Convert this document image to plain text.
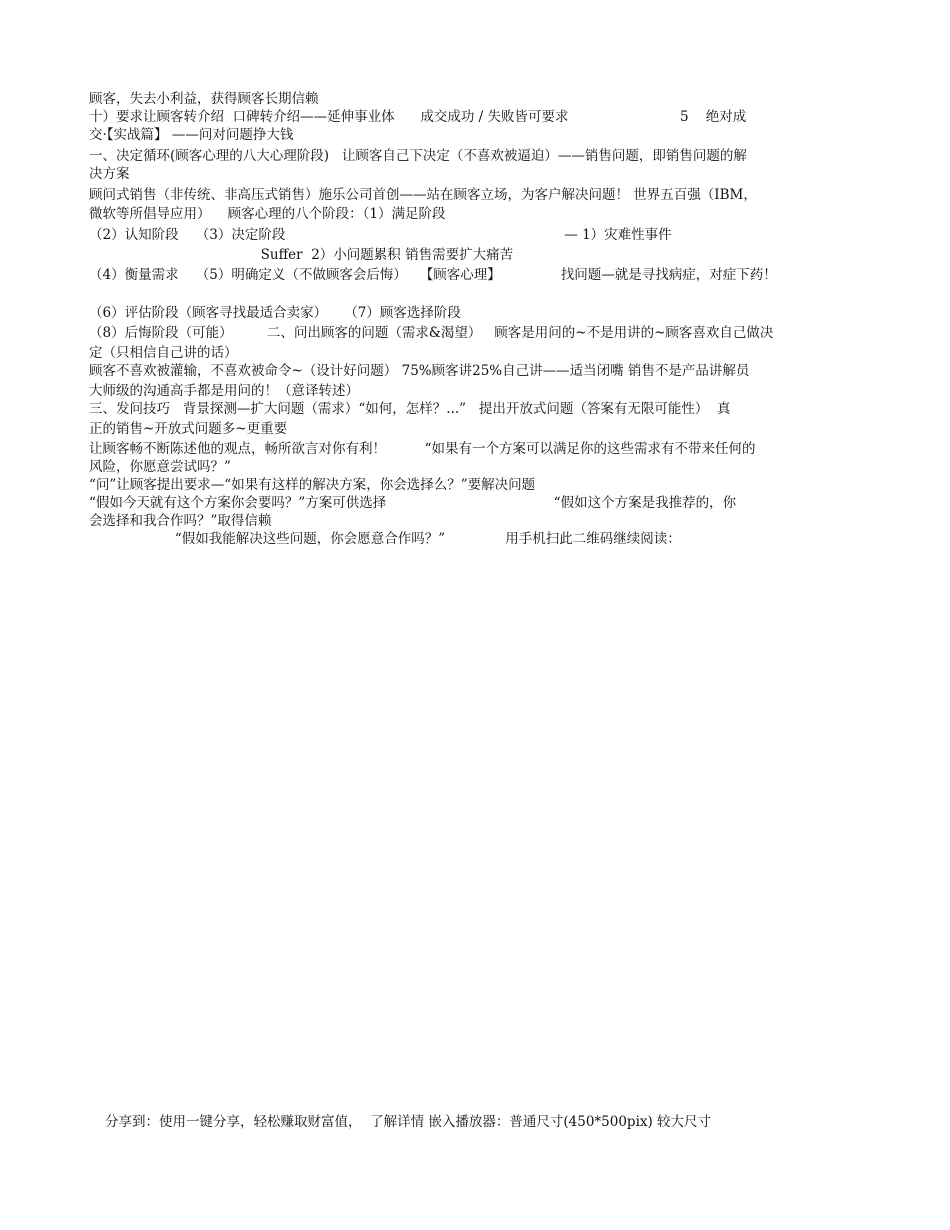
顾客，失去小利益，获得顾客长期信赖
十）要求让顾客转介绍  口碑转介绍——延伸事业体      成交成功 / 失败皆可要求                          5    绝对成
交·【实战篇】 ——问对问题挣大钱
一、决定循环(顾客心理的八大心理阶段)   让顾客自己下决定（不喜欢被逼迫）——销售问题，即销售问题的解
决方案
顾问式销售（非传统、非高压式销售）施乐公司首创——站在顾客立场，为客户解决问题！ 世界五百强（IBM，
微软等所倡导应用）    顾客心理的八个阶段：（1）满足阶段
（2）认知阶段    （3）决定阶段                                                                 — 1）灾难性事件
Suffer  2）小问题累积 销售需要扩大痛苦
（4）衡量需求    （5）明确定义（不做顾客会后悔）   【顾客心理】              找问题—就是寻找病症，对症下药！
（6）评估阶段（顾客寻找最适合卖家）    （7）顾客选择阶段
（8）后悔阶段（可能）        二、问出顾客的问题（需求&渴望）   顾客是用问的~不是用讲的~顾客喜欢自己做决
定（只相信自己讲的话）
顾客不喜欢被灌输，不喜欢被命令~（设计好问题） 75%顾客讲25%自己讲——适当闭嘴 销售不是产品讲解员
大师级的沟通高手都是用问的！（意译转述）
三、发问技巧   背景探测—扩大问题（需求）“如何，怎样？...”   提出开放式问题（答案有无限可能性）  真
正的销售~开放式问题多~更重要
让顾客畅不断陈述他的观点，畅所欲言对你有利！         “如果有一个方案可以满足你的这些需求有不带来任何的
风险，你愿意尝试吗？”
“问”让顾客提出要求—“如果有这样的解决方案，你会选择么？”要解决问题
“假如今天就有这个方案你会要吗？”方案可供选择                                       “假如这个方案是我推荐的，你
会选择和我合作吗？”取得信赖
“假如我能解决这些问题，你会愿意合作吗？”              用手机扫此二维码继续阅读：
分享到：使用一键分享，轻松赚取财富值，  了解详情 嵌入播放器：普通尺寸(450*500pix) 较大尺寸
